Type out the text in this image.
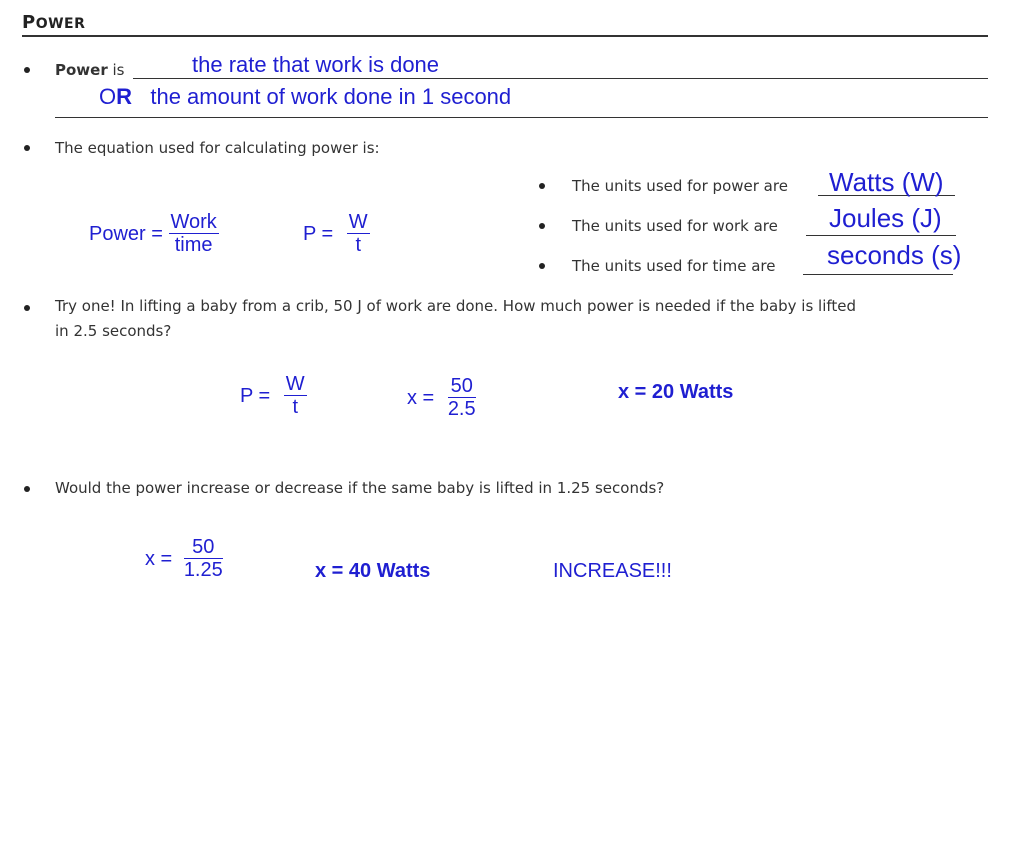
POWER
Power is	the rate that work is done
OR the amount of work done in 1 second
The equation used for calculating power is:
Power = $\frac{\text{Work}}{\text{time}}$	$P = \frac{W}{t}$
The units used for power are Watts (W)
The units used for work are Joules (J)
The units used for time are seconds (s)
Try one! In lifting a baby from a crib, 50 J of work are done. How much power is needed if the baby is lifted
in 2.5 seconds?
$P = \frac{W}{t}$	$x = \frac{50}{2.5}$	x = 20 Watts
Would the power increase or decrease if the same baby is lifted in 1.25 seconds?
$x = \frac{50}{1.25}$	x = 40 Watts	INCREASE!!!
